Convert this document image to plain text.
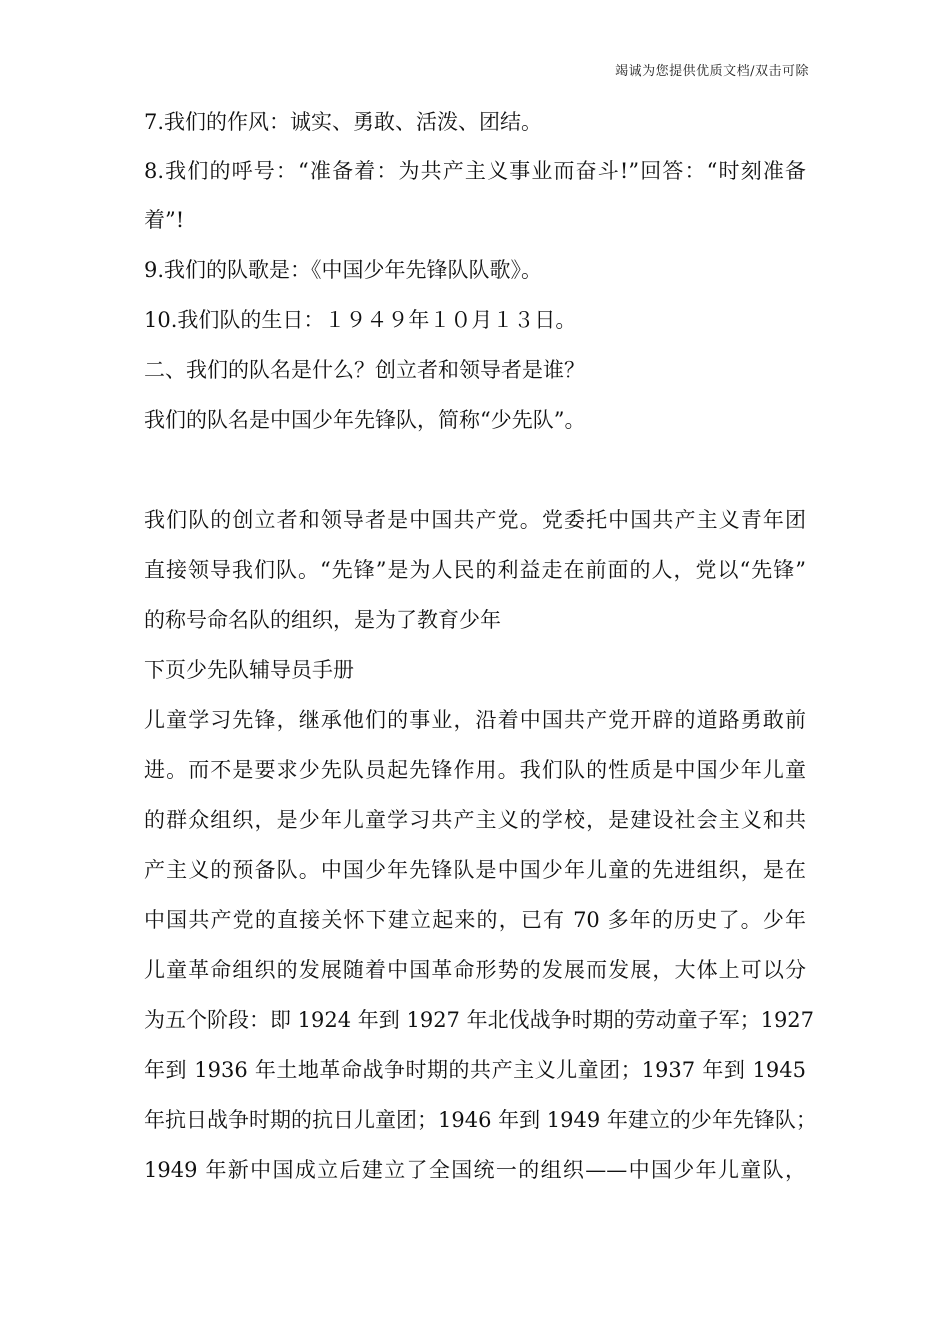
竭诚为您提供优质文档/双击可除
7.我们的作风：诚实、勇敢、活泼、团结。
8.我们的呼号：“准备着：为共产主义事业而奋斗!”回答：“时刻准备
着”!
9.我们的队歌是：《中国少年先锋队队歌》。
10.我们队的生日：１９４９年１０月１３日。
二、我们的队名是什么？创立者和领导者是谁？
我们的队名是中国少年先锋队，简称“少先队”。
我们队的创立者和领导者是中国共产党。党委托中国共产主义青年团
直接领导我们队。“先锋”是为人民的利益走在前面的人，党以“先锋”
的称号命名队的组织，是为了教育少年
下页少先队辅导员手册
儿童学习先锋，继承他们的事业，沿着中国共产党开辟的道路勇敢前
进。而不是要求少先队员起先锋作用。我们队的性质是中国少年儿童
的群众组织，是少年儿童学习共产主义的学校，是建设社会主义和共
产主义的预备队。中国少年先锋队是中国少年儿童的先进组织，是在
中国共产党的直接关怀下建立起来的，已有 70 多年的历史了。少年
儿童革命组织的发展随着中国革命形势的发展而发展，大体上可以分
为五个阶段：即 1924 年到 1927 年北伐战争时期的劳动童子军；1927
年到 1936 年土地革命战争时期的共产主义儿童团；1937 年到 1945
年抗日战争时期的抗日儿童团；1946 年到 1949 年建立的少年先锋队；
1949 年新中国成立后建立了全国统一的组织——中国少年儿童队，
